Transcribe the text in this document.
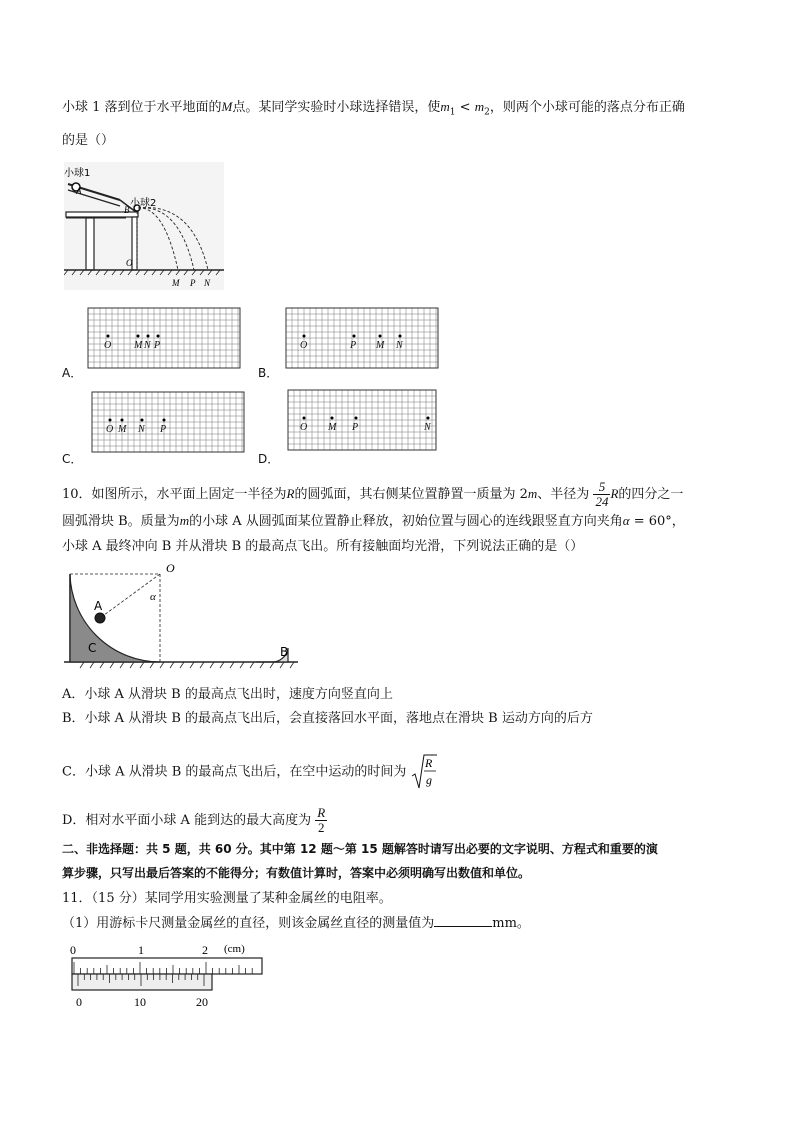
小球 1 落到位于水平地面的M点。某同学实验时小球选择错误，使$m_1 < m_2$，则两个小球可能的落点分布正确
的是（）
小球1
A
B
小球2
O
M P N
A．
O M N P
B．
O	P M N
C．
O M N P
D．
O M P	N
10．如图所示，水平面上固定一半径为R的圆弧面，其右侧某位置静置一质量为 2m、半径为 $\frac{5}{24}$ R的四分之一
圆弧滑块 B。质量为m的小球 A 从圆弧面某位置静止释放，初始位置与圆心的连线跟竖直方向夹角α = 60°，
小球 A 最终冲向 B 并从滑块 B 的最高点飞出。所有接触面均光滑，下列说法正确的是（）
O
α
A
C	B
A．小球 A 从滑块 B 的最高点飞出时，速度方向竖直向上
B．小球 A 从滑块 B 的最高点飞出后，会直接落回水平面，落地点在滑块 B 运动方向的后方
C．小球 A 从滑块 B 的最高点飞出后，在空中运动的时间为
R
g
D．相对水平面小球 A 能到达的最大高度为 $\frac{R}{2}$
二、非选择题：共 5 题，共 60 分。其中第 12 题～第 15 题解答时请写出必要的文字说明、方程式和重要的演
算步骤，只写出最后答案的不能得分；有数值计算时，答案中必须明确写出数值和单位。
11．（15 分）某同学用实验测量了某种金属丝的电阻率。
（1）用游标卡尺测量金属丝的直径，则该金属丝直径的测量值为	mm。
0	1	2 (cm)
0	10	20
